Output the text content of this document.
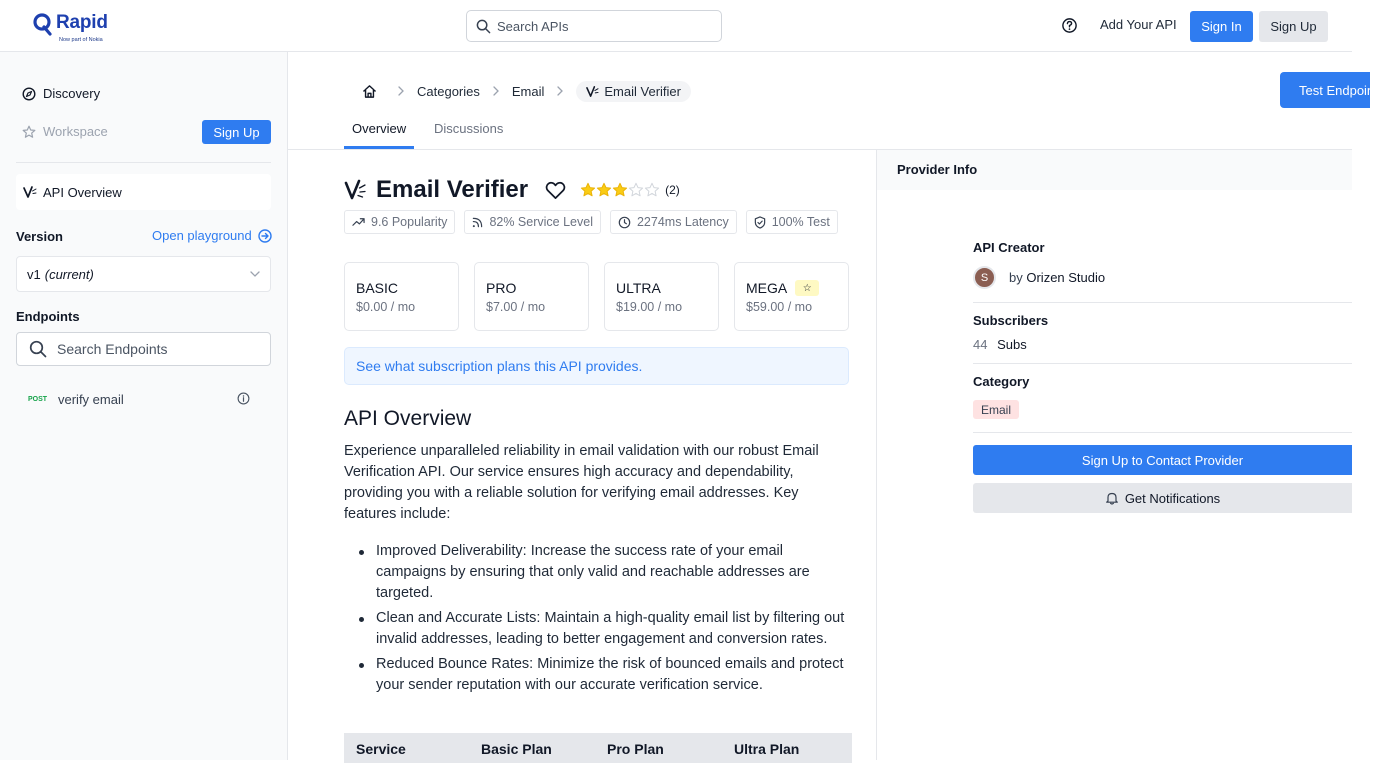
Rapid
Now part of Nokia
Search APIs	Add Your API	Sign In	Sign Up
Discovery
Workspace	Sign Up
API Overview
Version	Open playground
v1 (current)
Endpoints
Search Endpoints
POST verify email
Categories Email	Email Verifier	Test Endpoint
Overview Discussions
Email Verifier	(2)
9.6 Popularity	82% Service Level	2274ms Latency	100% Test
BASIC
$0.00 / mo
PRO
$7.00 / mo
ULTRA
$19.00 / mo
MEGA	☆
$59.00 / mo
See what subscription plans this API provides.
API Overview
Experience unparalleled reliability in email validation with our robust Email Verification API. Our service ensures high accuracy and dependability, providing you with a reliable solution for verifying email addresses. Key features include:
Improved Deliverability: Increase the success rate of your email campaigns by ensuring that only valid and reachable addresses are targeted.
Clean and Accurate Lists: Maintain a high-quality email list by filtering out invalid addresses, leading to better engagement and conversion rates.
Reduced Bounce Rates: Minimize the risk of bounced emails and protect your sender reputation with our accurate verification service.
Service	Basic Plan	Pro Plan	Ultra Plan
Provider Info
API Creator
S	by Orizen Studio
Subscribers
44 Subs
Category
Email
Sign Up to Contact Provider
Get Notifications
